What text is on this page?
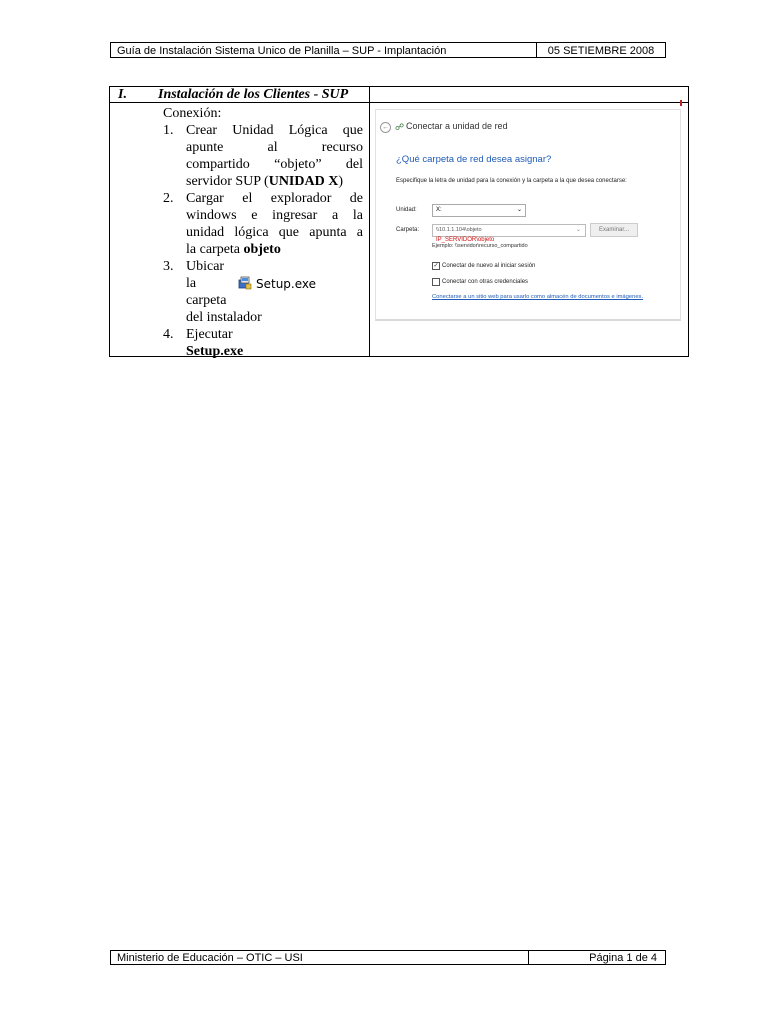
Guía de Instalación Sistema Unico de Planilla – SUP - Implantación	05 SETIEMBRE 2008
I. Instalación de los Clientes - SUP
Conexión:
1. Crear Unidad Lógica que
apunte al recurso
compartido “objeto” del
servidor SUP (UNIDAD X)
2. Cargar el explorador de
windows e ingresar a la
unidad lógica que apunta a
la carpeta objeto
3. Ubicar
la	Setup.exe
carpeta
del instalador
4. Ejecutar
Setup.exe
← ☍ Conectar a unidad de red
¿Qué carpeta de red desea asignar?
Especifique la letra de unidad para la conexión y la carpeta a la que desea conectarse:
Unidad:	X:	⌄
Carpeta:	\\10.1.1.104\objeto	⌄	Examinar...
IP_SERVIDOR\objeto
Ejemplo: \\servidor\recurso_compartido
✓ Conectar de nuevo al iniciar sesión
Conectar con otras credenciales
Conectarse a un sitio web para usarlo como almacén de documentos e imágenes.
Ministerio de Educación – OTIC – USI	Página 1 de 4
